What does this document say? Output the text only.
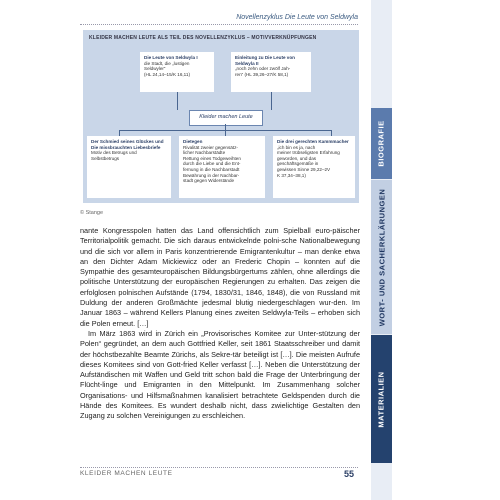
Novellenzyklus Die Leute von Seldwyla
KLEIDER MACHEN LEUTE ALS TEIL DES NOVELLENZYKLUS – MOTIVVERKNÜPFUNGEN
Die Leute von Seldwyla I
die Stadt, die „lustigen Seldwyler“
(HL 24,14–15/K 16,11)
Einleitung zu Die Leute von Seldwyla II
„noch zehn oder zwölf Jah-
ren“ (HL 39,26–27/K 58,1)
Kleider machen Leute
Der Schmied seines Glückes und Die missbrauchten Liebesbriefe
Motiv des Betrugs und
Selbstbetrugs
Dietegen
Rivalität zweier gegensätz-
licher Nachbarstädte
Rettung eines Todgeweihten
durch die Liebe und die Ent-
fernung in die Nachbarstadt
Bewährung in der Nachbar-
stadt gegen Widerstände
Die drei gerechten Kammmacher
„ich bin es ja, nach
meiner trübseligsten Erfahrung
geworden, und das
geschäftsgemäße in
gewissen Sinne 29,22–2V
K 37,34–38,1)
© Stange

nante Kongresspolen hatten das Land offensichtlich zum Spielball euro-päischer Territorialpolitik gemacht. Die sich daraus entwickelnde polni-sche Nationalbewegung und die sich vor allem in Paris konzentrierende Emigrantenkultur – man denke etwa an den Dichter Adam Mickiewicz oder an Frederic Chopin – konnten auf die Sympathie des gesamteuropäischen Bildungsbürgertums zählen, ohne allerdings die politische Unterstützung der europäischen Regierungen zu erhalten. Das zeigen die erfolglosen polnischen Aufstände (1794, 1830/31, 1846, 1848), die von Russland mit Duldung der anderen Großmächte jedesmal blutig niedergeschlagen wur-den. Im Januar 1863 – während Kellers Planung eines zweiten Seldwyla-Teils – erhoben sich die Polen erneut. […]

Im März 1863 wird in Zürich ein „Provisorisches Komitee zur Unter-stützung der Polen“ gegründet, an dem auch Gottfried Keller, seit 1861 Staatsschreiber und damit der höchstbezahlte Beamte Zürichs, als Sekre-tär beteiligt ist […]. Die meisten Aufrufe dieses Komitees sind von Gott-fried Keller verfasst […]. Neben die Unterstützung der Aufständischen mit Waffen und Geld tritt schon bald die Frage der Unterbringung der Flücht-linge und Emigranten in den Mittelpunkt. Im Zusammenhang solcher Organisations- und Hilfsmaßnahmen kanalisiert betrachtete Geldspenden durch die Hände des Komitees. Es wundert deshalb nicht, dass zwielichtige Gestalten den Zugang zu solchen Vereinigungen zu erschleichen.

KLEIDER MACHEN LEUTE	55
BIOGRAFIE
WORT- UND SACHERKLÄRUNGEN
MATERIALIEN
